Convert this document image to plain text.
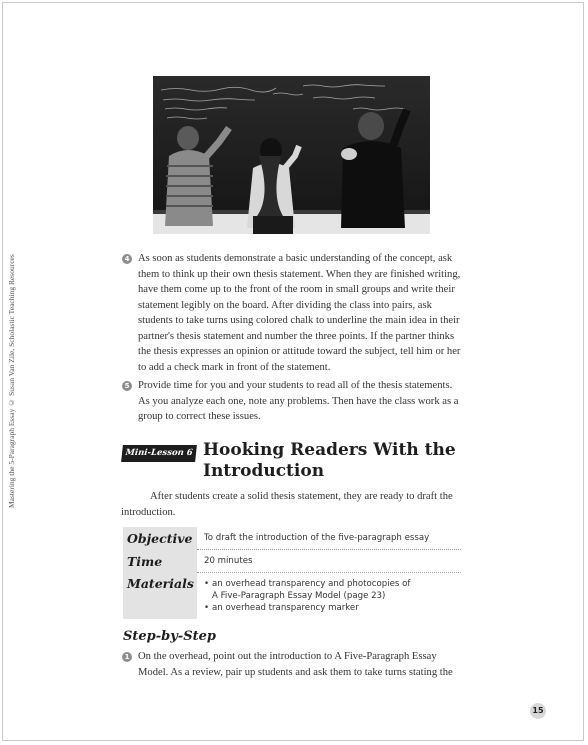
Mastering the 5-Paragraph Essay © Susan Van Zile, Scholastic Teaching Resources	4 As soon as students demonstrate a basic understanding of the concept, ask them to think up their own thesis statement. When they are finished writing, have them come up to the front of the room in small groups and write their statement legibly on the board. After dividing the class into pairs, ask students to take turns using colored chalk to underline the main idea in their partner's thesis statement and number the three points. If the partner thinks the thesis expresses an opinion or attitude toward the subject, tell him or her to add a check mark in front of the statement.
5 Provide time for you and your students to read all of the thesis statements. As you analyze each one, note any problems. Then have the class work as a group to correct these issues.
Mini-Lesson 6 Hooking Readers With the Introduction
After students create a solid thesis statement, they are ready to draft the introduction.
Objective	To draft the introduction of the five-paragraph essay
Time	20 minutes
Materials	• an overhead transparency and photocopies of
A Five-Paragraph Essay Model (page 23)
• an overhead transparency marker
Step-by-Step
1 On the overhead, point out the introduction to A Five-Paragraph Essay Model. As a review, pair up students and ask them to take turns stating the
15
